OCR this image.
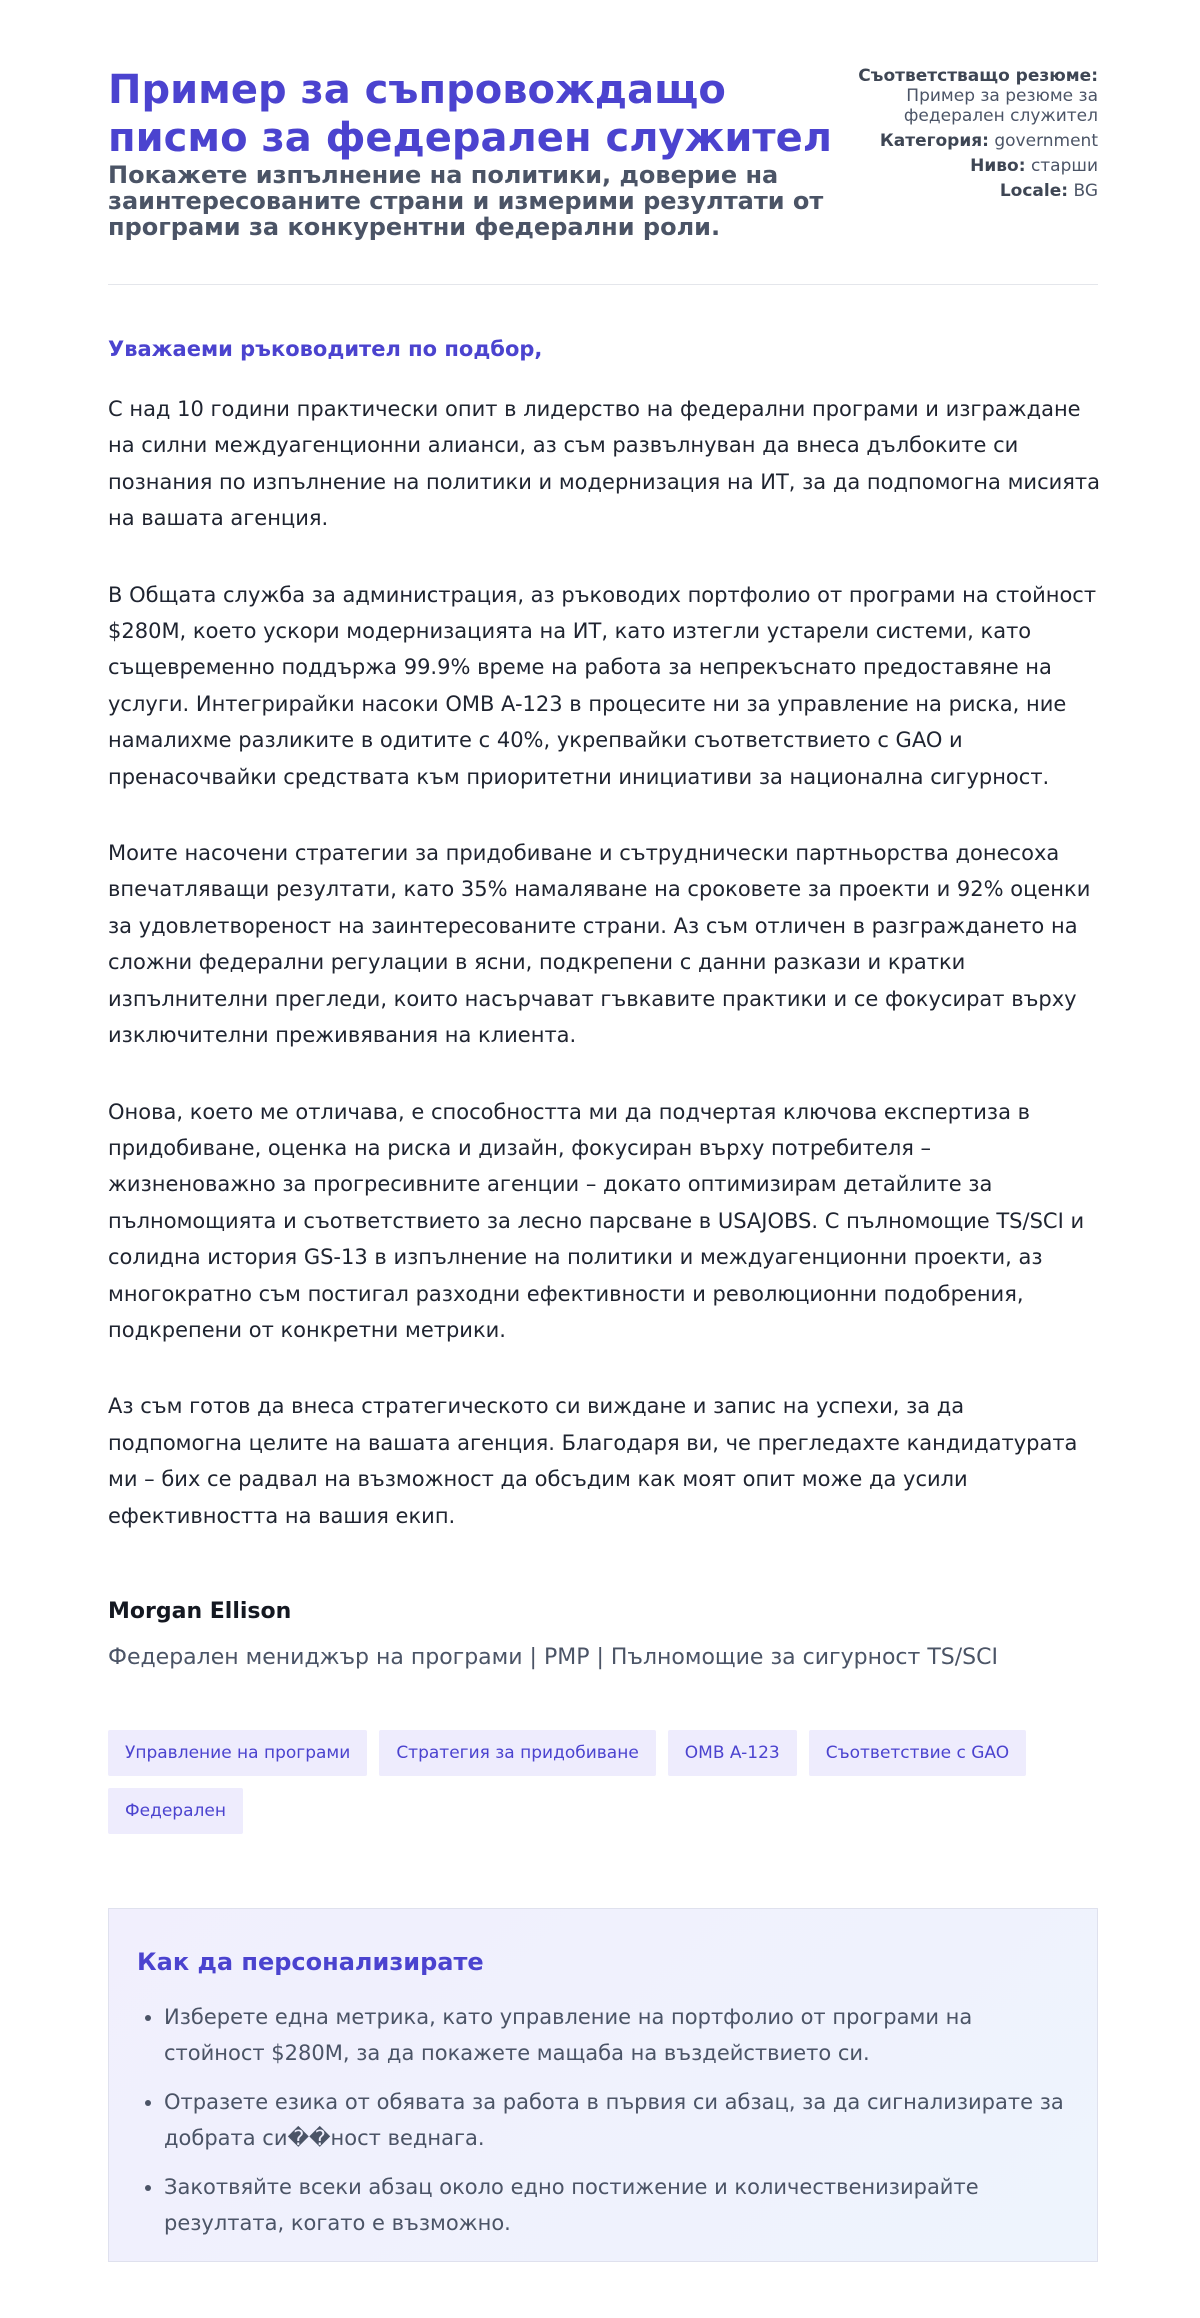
Пример за съпровождащо писмо за федерален служител
Покажете изпълнение на политики, доверие на заинтересованите страни и измерими резултати от програми за конкурентни федерални роли.
Съответстващо резюме: Пример за резюме за федерален служител
Категория: government
Ниво: старши
Locale: BG

Уважаеми ръководител по подбор,

С над 10 години практически опит в лидерство на федерални програми и изграждане на силни междуагенционни алианси, аз съм развълнуван да внеса дълбоките си познания по изпълнение на политики и модернизация на ИТ, за да подпомогна мисията на вашата агенция.

В Общата служба за администрация, аз ръководих портфолио от програми на стойност $280M, което ускори модернизацията на ИТ, като изтегли устарели системи, като същевременно поддържа 99.9% време на работа за непрекъснато предоставяне на услуги. Интегрирайки насоки OMB A-123 в процесите ни за управление на риска, ние намалихме разликите в одитите с 40%, укрепвайки съответствието с GAO и пренасочвайки средствата към приоритетни инициативи за национална сигурност.

Моите насочени стратегии за придобиване и сътруднически партньорства донесоха впечатляващи резултати, като 35% намаляване на сроковете за проекти и 92% оценки за удовлетвореност на заинтересованите страни. Аз съм отличен в разграждането на сложни федерални регулации в ясни, подкрепени с данни разкази и кратки изпълнителни прегледи, които насърчават гъвкавите практики и се фокусират върху изключителни преживявания на клиента.

Онова, което ме отличава, е способността ми да подчертая ключова експертиза в придобиване, оценка на риска и дизайн, фокусиран върху потребителя – жизненоважно за прогресивните агенции – докато оптимизирам детайлите за пълномощията и съответствието за лесно парсване в USAJOBS. С пълномощие TS/SCI и солидна история GS-13 в изпълнение на политики и междуагенционни проекти, аз многократно съм постигал разходни ефективности и революционни подобрения, подкрепени от конкретни метрики.

Аз съм готов да внеса стратегическото си виждане и запис на успехи, за да подпомогна целите на вашата агенция. Благодаря ви, че прегледахте кандидатурата ми – бих се радвал на възможност да обсъдим как моят опит може да усили ефективността на вашия екип.

Morgan Ellison

Федерален мениджър на програми | PMP | Пълномощие за сигурност TS/SCI

Управление на програми	Стратегия за придобиване	OMB A-123	Съответствие с GAO
Федерален
Как да персонализирате
• Изберете една метрика, като управление на портфолио от програми на стойност $280M, за да покажете мащаба на въздействието си.
• Отразете езика от обявата за работа в първия си абзац, за да сигнализирате за добрата си��ност веднага.
• Закотвяйте всеки абзац около едно постижение и количественизирайте резултата, когато е възможно.
